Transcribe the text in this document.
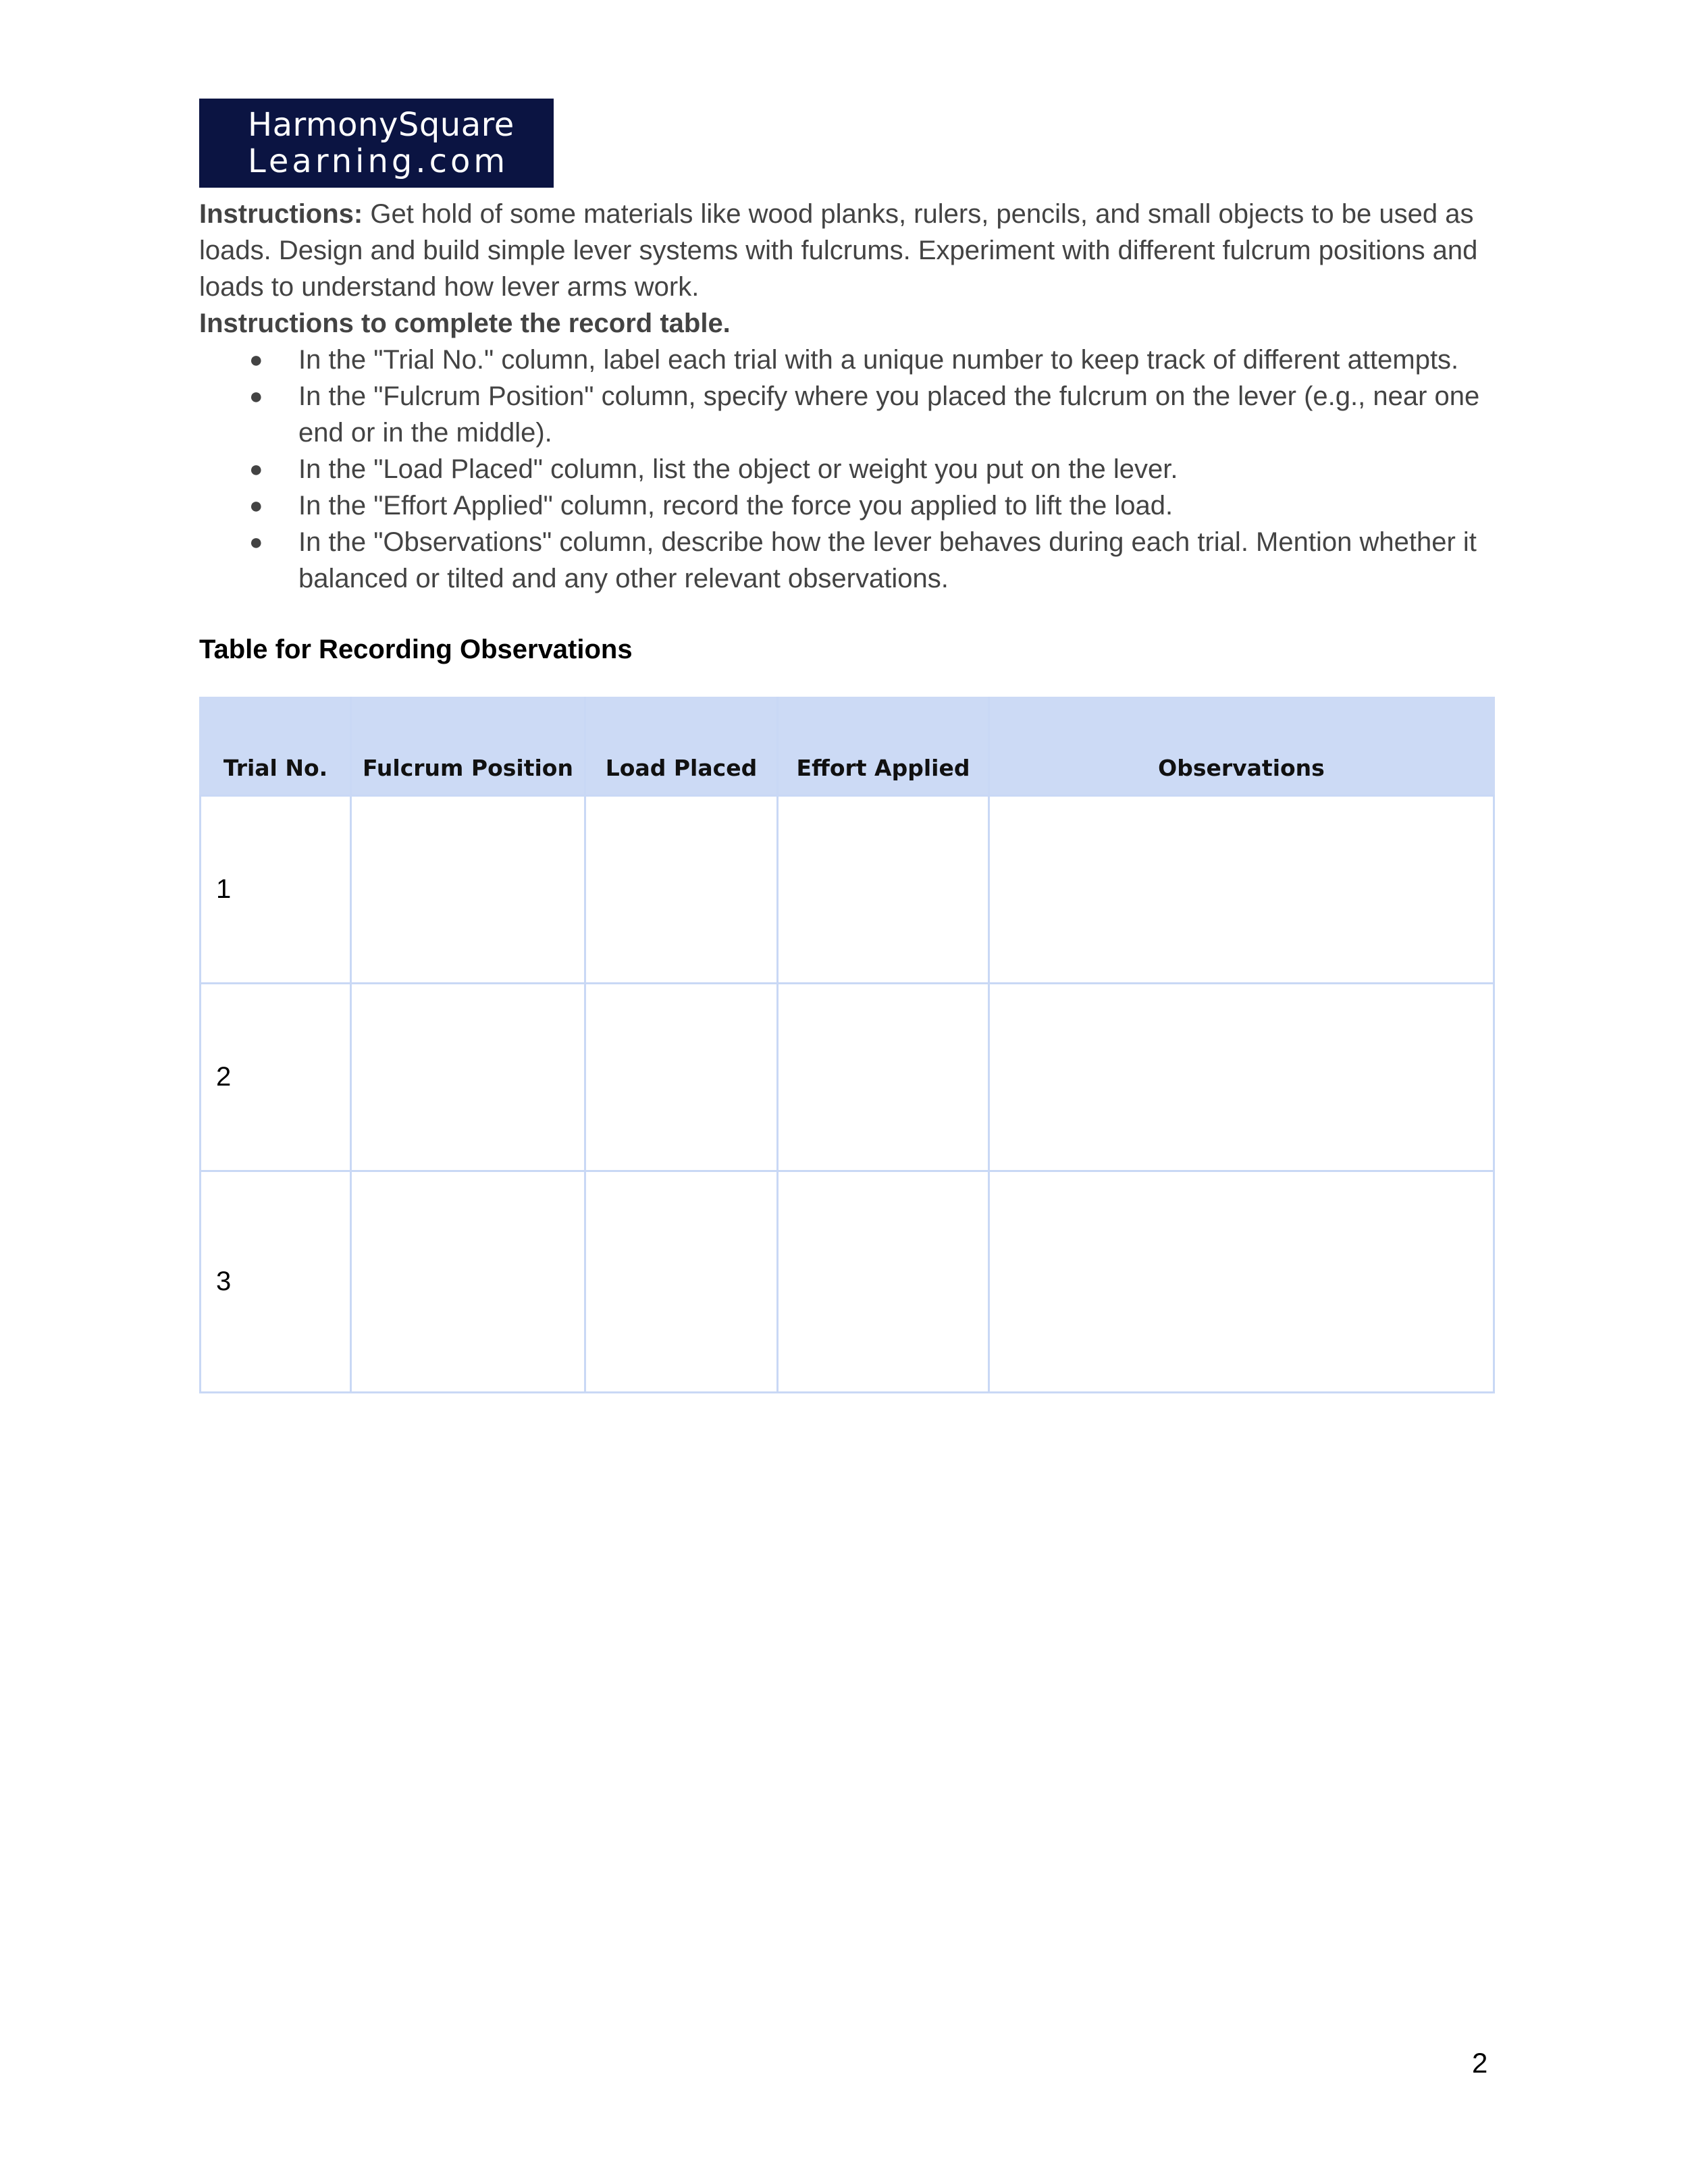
HarmonySquare
Learning.com

Instructions: Get hold of some materials like wood planks, rulers, pencils, and small objects to be used as loads. Design and build simple lever systems with fulcrums. Experiment with different fulcrum positions and loads to understand how lever arms work.

Instructions to complete the record table.

● In the "Trial No." column, label each trial with a unique number to keep track of different attempts.
● In the "Fulcrum Position" column, specify where you placed the fulcrum on the lever (e.g., near one end or in the middle).
● In the "Load Placed" column, list the object or weight you put on the lever.
● In the "Effort Applied" column, record the force you applied to lift the load.
● In the "Observations" column, describe how the lever behaves during each trial. Mention whether it balanced or tilted and any other relevant observations.
Table for Recording Observations
Trial No.	Fulcrum Position	Load Placed	Effort Applied	Observations
1				
2				
3				
2
